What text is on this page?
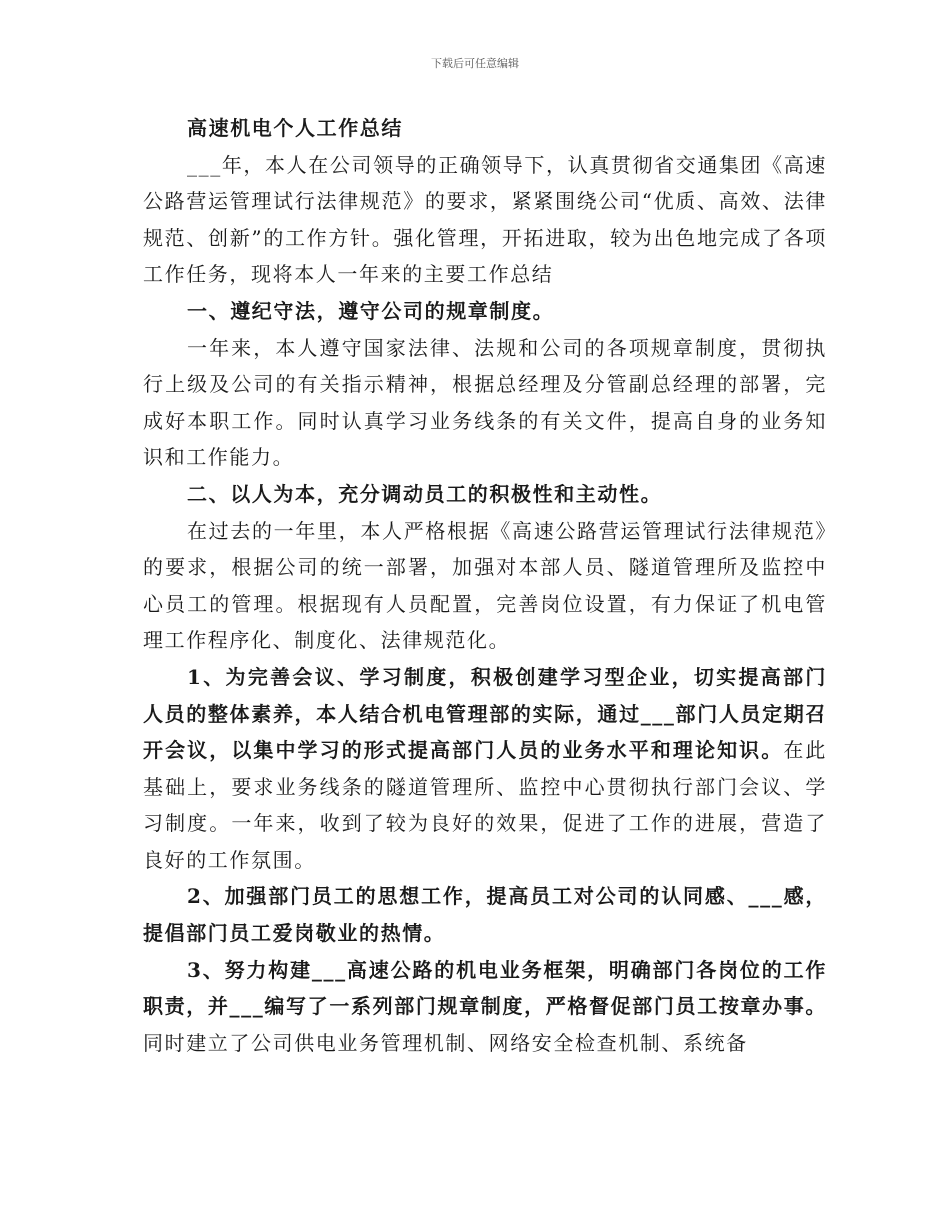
下载后可任意编辑

高速机电个人工作总结

___年，本人在公司领导的正确领导下，认真贯彻省交通集团《高速公路营运管理试行法律规范》的要求，紧紧围绕公司“优质、高效、法律规范、创新”的工作方针。强化管理，开拓进取，较为出色地完成了各项工作任务，现将本人一年来的主要工作总结

一、遵纪守法，遵守公司的规章制度。

一年来，本人遵守国家法律、法规和公司的各项规章制度，贯彻执行上级及公司的有关指示精神，根据总经理及分管副总经理的部署，完成好本职工作。同时认真学习业务线条的有关文件，提高自身的业务知识和工作能力。

二、以人为本，充分调动员工的积极性和主动性。

在过去的一年里，本人严格根据《高速公路营运管理试行法律规范》的要求，根据公司的统一部署，加强对本部人员、隧道管理所及监控中心员工的管理。根据现有人员配置，完善岗位设置，有力保证了机电管理工作程序化、制度化、法律规范化。

1、为完善会议、学习制度，积极创建学习型企业，切实提高部门人员的整体素养，本人结合机电管理部的实际，通过___部门人员定期召开会议，以集中学习的形式提高部门人员的业务水平和理论知识。在此基础上，要求业务线条的隧道管理所、监控中心贯彻执行部门会议、学习制度。一年来，收到了较为良好的效果，促进了工作的进展，营造了良好的工作氛围。

2、加强部门员工的思想工作，提高员工对公司的认同感、___感，提倡部门员工爱岗敬业的热情。

3、努力构建___高速公路的机电业务框架，明确部门各岗位的工作职责，并___编写了一系列部门规章制度，严格督促部门员工按章办事。同时建立了公司供电业务管理机制、网络安全检查机制、系统备
